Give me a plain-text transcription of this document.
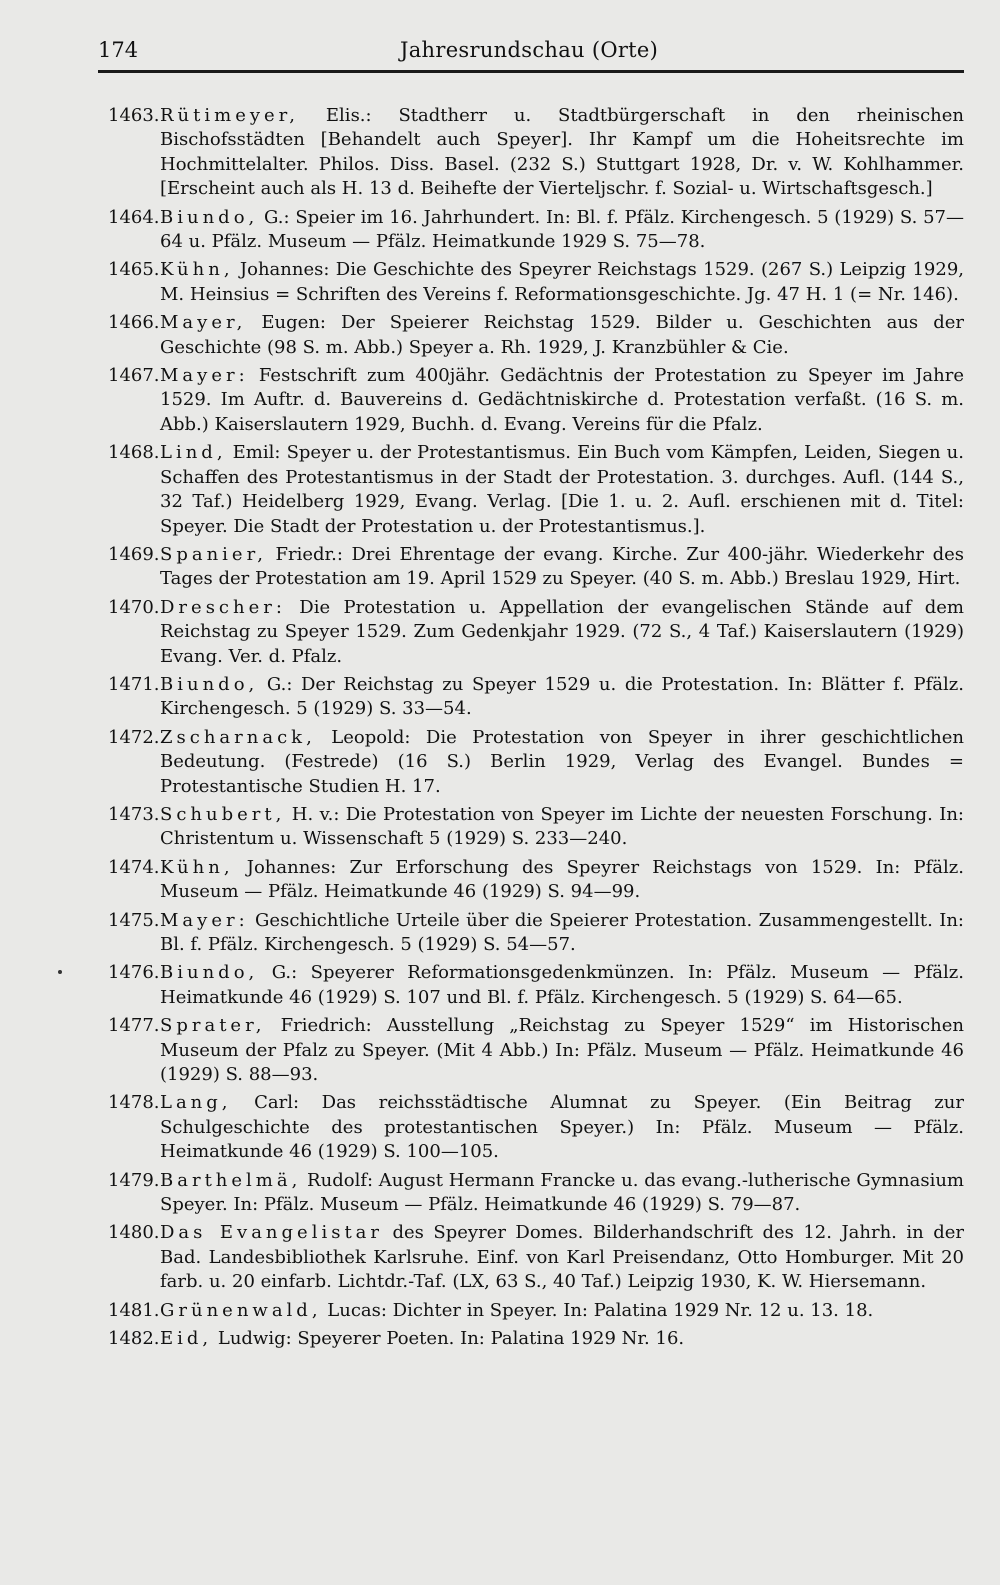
174	Jahresrundschau (Orte)
1463. Rütimeyer, Elis.: Stadtherr u. Stadtbürgerschaft in den rheinischen Bischofsstädten [Behandelt auch Speyer]. Ihr Kampf um die Hoheitsrechte im Hochmittelalter. Philos. Diss. Basel. (232 S.) Stuttgart 1928, Dr. v. W. Kohlhammer. [Erscheint auch als H. 13 d. Beihefte der Vierteljschr. f. Sozial- u. Wirtschaftsgesch.]
1464. Biundo, G.: Speier im 16. Jahrhundert. In: Bl. f. Pfälz. Kirchengesch. 5 (1929) S. 57—64 u. Pfälz. Museum — Pfälz. Heimatkunde 1929 S. 75—78.
1465. Kühn, Johannes: Die Geschichte des Speyrer Reichstags 1529. (267 S.) Leipzig 1929, M. Heinsius = Schriften des Vereins f. Reformationsgeschichte. Jg. 47 H. 1 (= Nr. 146).
1466. Mayer, Eugen: Der Speierer Reichstag 1529. Bilder u. Geschichten aus der Geschichte (98 S. m. Abb.) Speyer a. Rh. 1929, J. Kranzbühler & Cie.
1467. Mayer: Festschrift zum 400jähr. Gedächtnis der Protestation zu Speyer im Jahre 1529. Im Auftr. d. Bauvereins d. Gedächtniskirche d. Protestation verfaßt. (16 S. m. Abb.) Kaiserslautern 1929, Buchh. d. Evang. Vereins für die Pfalz.
1468. Lind, Emil: Speyer u. der Protestantismus. Ein Buch vom Kämpfen, Leiden, Siegen u. Schaffen des Protestantismus in der Stadt der Protestation. 3. durchges. Aufl. (144 S., 32 Taf.) Heidelberg 1929, Evang. Verlag. [Die 1. u. 2. Aufl. erschienen mit d. Titel: Speyer. Die Stadt der Protestation u. der Protestantismus.].
1469. Spanier, Friedr.: Drei Ehrentage der evang. Kirche. Zur 400-jähr. Wiederkehr des Tages der Protestation am 19. April 1529 zu Speyer. (40 S. m. Abb.) Breslau 1929, Hirt.
1470. Drescher: Die Protestation u. Appellation der evangelischen Stände auf dem Reichstag zu Speyer 1529. Zum Gedenkjahr 1929. (72 S., 4 Taf.) Kaiserslautern (1929) Evang. Ver. d. Pfalz.
1471. Biundo, G.: Der Reichstag zu Speyer 1529 u. die Protestation. In: Blätter f. Pfälz. Kirchengesch. 5 (1929) S. 33—54.
1472. Zscharnack, Leopold: Die Protestation von Speyer in ihrer geschichtlichen Bedeutung. (Festrede) (16 S.) Berlin 1929, Verlag des Evangel. Bundes = Protestantische Studien H. 17.
1473. Schubert, H. v.: Die Protestation von Speyer im Lichte der neuesten Forschung. In: Christentum u. Wissenschaft 5 (1929) S. 233—240.
1474. Kühn, Johannes: Zur Erforschung des Speyrer Reichstags von 1529. In: Pfälz. Museum — Pfälz. Heimatkunde 46 (1929) S. 94—99.
1475. Mayer: Geschichtliche Urteile über die Speierer Protestation. Zusammengestellt. In: Bl. f. Pfälz. Kirchengesch. 5 (1929) S. 54—57.
1476. Biundo, G.: Speyerer Reformationsgedenkmünzen. In: Pfälz. Museum — Pfälz. Heimatkunde 46 (1929) S. 107 und Bl. f. Pfälz. Kirchengesch. 5 (1929) S. 64—65.
1477. Sprater, Friedrich: Ausstellung „Reichstag zu Speyer 1529“ im Historischen Museum der Pfalz zu Speyer. (Mit 4 Abb.) In: Pfälz. Museum — Pfälz. Heimatkunde 46 (1929) S. 88—93.
1478. Lang, Carl: Das reichsstädtische Alumnat zu Speyer. (Ein Beitrag zur Schulgeschichte des protestantischen Speyer.) In: Pfälz. Museum — Pfälz. Heimatkunde 46 (1929) S. 100—105.
1479. Barthelmä, Rudolf: August Hermann Francke u. das evang.-lutherische Gymnasium Speyer. In: Pfälz. Museum — Pfälz. Heimatkunde 46 (1929) S. 79—87.
1480. Das Evangelistar des Speyrer Domes. Bilderhandschrift des 12. Jahrh. in der Bad. Landesbibliothek Karlsruhe. Einf. von Karl Preisendanz, Otto Homburger. Mit 20 farb. u. 20 einfarb. Lichtdr.-Taf. (LX, 63 S., 40 Taf.) Leipzig 1930, K. W. Hiersemann.
1481. Grünenwald, Lucas: Dichter in Speyer. In: Palatina 1929 Nr. 12 u. 13. 18.
1482. Eid, Ludwig: Speyerer Poeten. In: Palatina 1929 Nr. 16.
